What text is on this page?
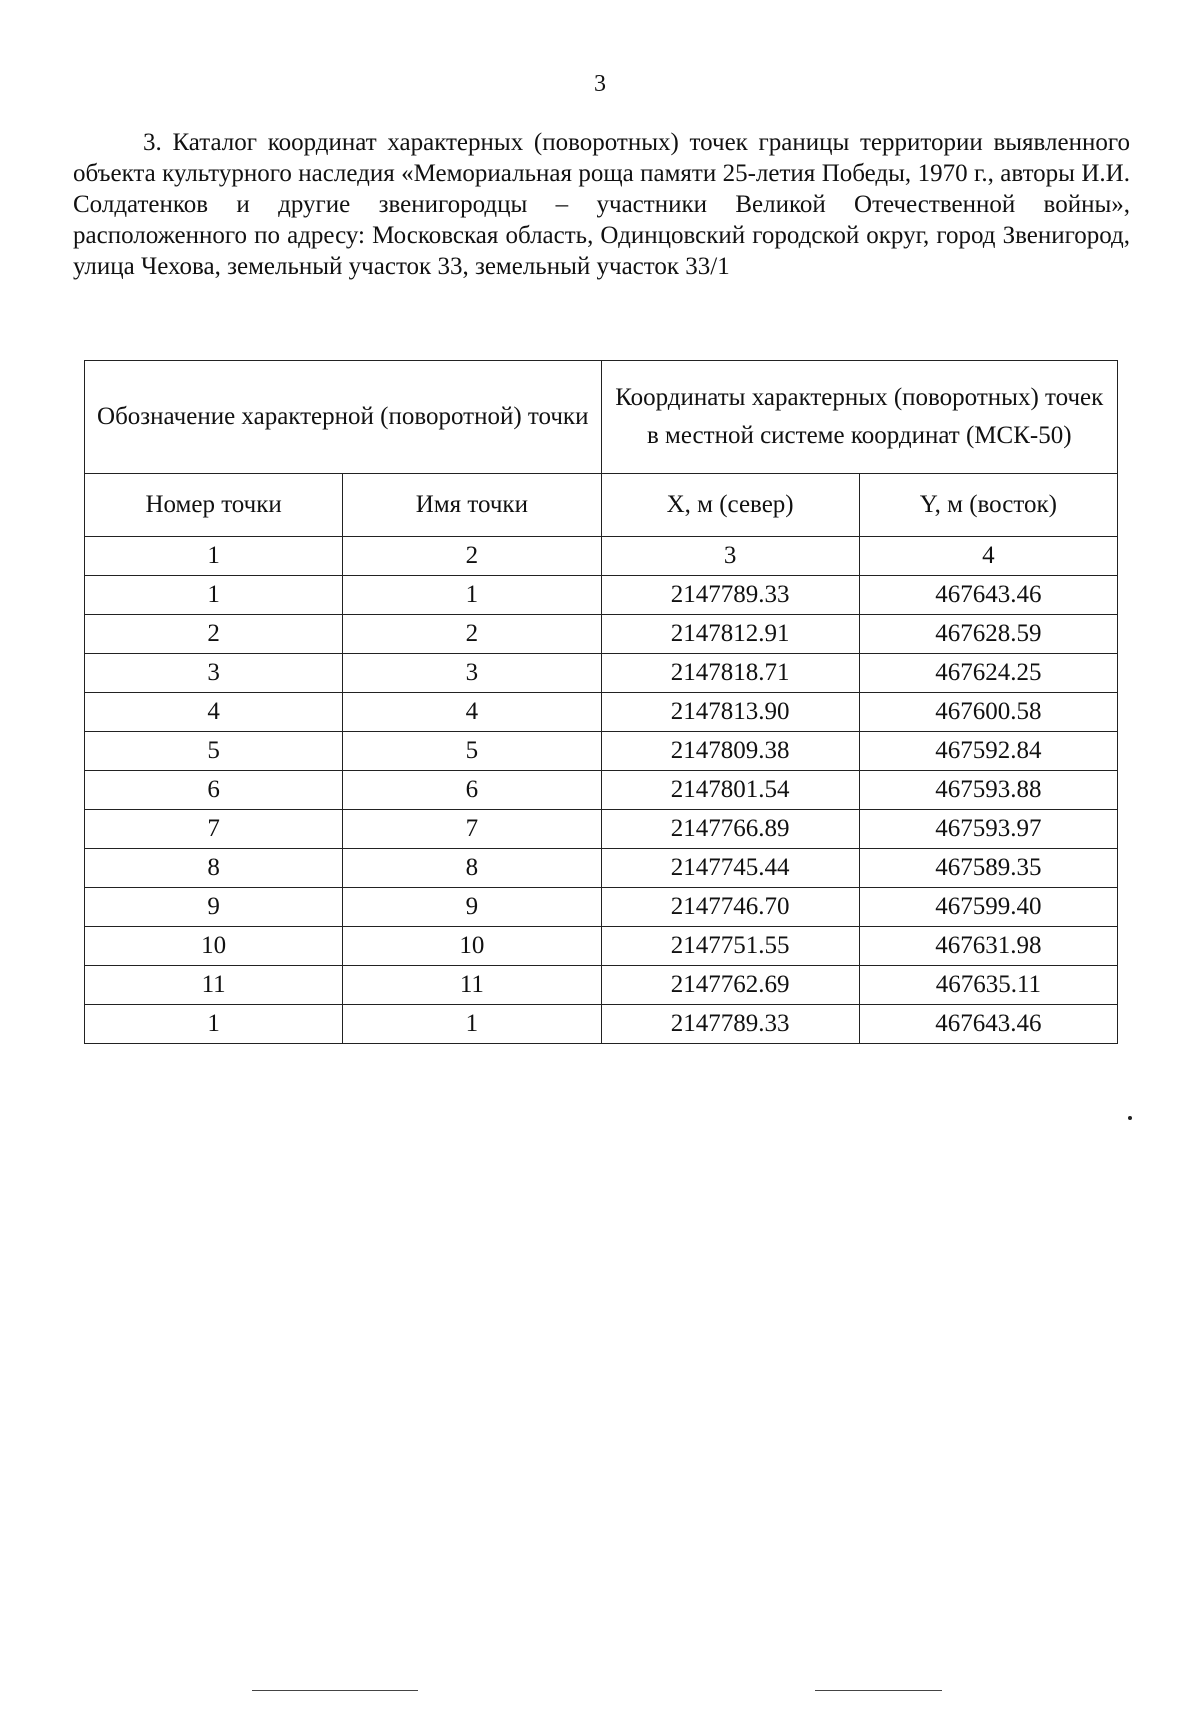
3

3. Каталог координат характерных (поворотных) точек границы территории выявленного объекта культурного наследия «Мемориальная роща памяти 25-летия Победы, 1970 г., авторы И.И. Солдатенков и другие звенигородцы – участники Великой Отечественной войны», расположенного по адресу: Московская область, Одинцовский городской округ, город Звенигород, улица Чехова, земельный участок 33, земельный участок 33/1

Обозначение характерной (поворотной) точки		Координаты характерных (поворотных) точек в местной системе координат (МСК-50)	
Номер точки	Имя точки	X, м (север)	Y, м (восток)
1	2	3	4
1	1	2147789.33	467643.46
2	2	2147812.91	467628.59
3	3	2147818.71	467624.25
4	4	2147813.90	467600.58
5	5	2147809.38	467592.84
6	6	2147801.54	467593.88
7	7	2147766.89	467593.97
8	8	2147745.44	467589.35
9	9	2147746.70	467599.40
10	10	2147751.55	467631.98
11	11	2147762.69	467635.11
1	1	2147789.33	467643.46
